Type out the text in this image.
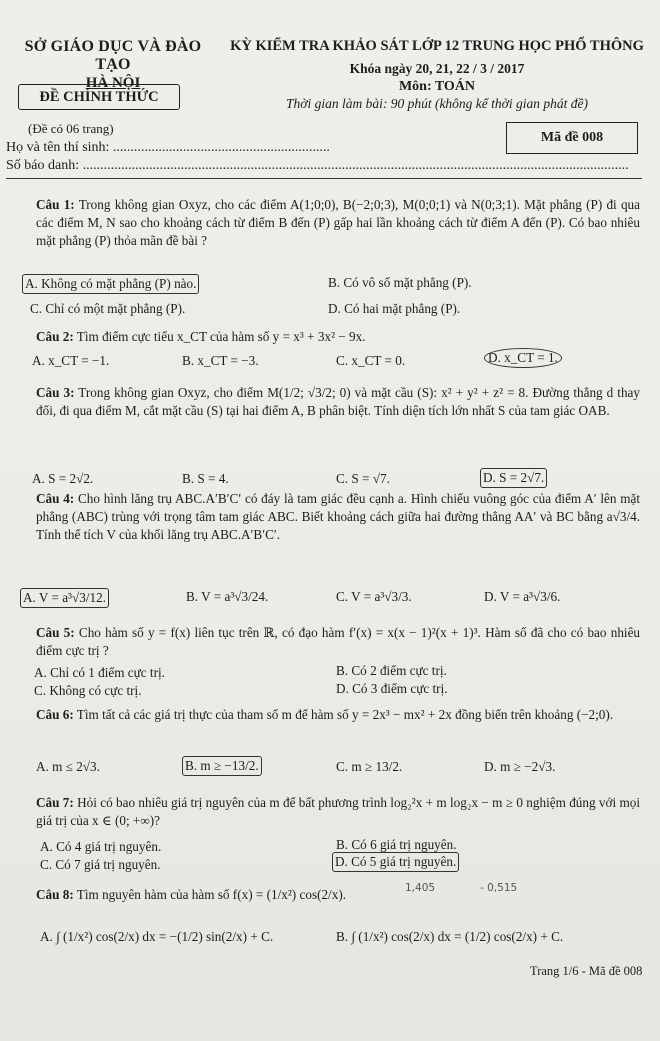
SỞ GIÁO DỤC VÀ ĐÀO TẠO
HÀ NỘI
ĐỀ CHÍNH THỨC
(Đề có 06 trang)
KỲ KIỂM TRA KHẢO SÁT LỚP 12 TRUNG HỌC PHỔ THÔNG
Khóa ngày 20, 21, 22 / 3 / 2017
Môn: TOÁN
Thời gian làm bài: 90 phút (không kể thời gian phát đề)
Mã đề 008
Họ và tên thí sinh: ..............................................................
Số báo danh: ............................................................................................................................................................
Câu 1: Trong không gian Oxyz, cho các điểm A(1;0;0), B(−2;0;3), M(0;0;1) và N(0;3;1). Mặt phẳng (P) đi qua các điểm M, N sao cho khoảng cách từ điểm B đến (P) gấp hai lần khoảng cách từ điểm A đến (P). Có bao nhiêu mặt phẳng (P) thỏa mãn đề bài ?
A. Không có mặt phẳng (P) nào.	B. Có vô số mặt phẳng (P).
C. Chỉ có một mặt phẳng (P).	D. Có hai mặt phẳng (P).
Câu 2: Tìm điểm cực tiểu x_CT của hàm số y = x³ + 3x² − 9x.
A. x_CT = −1.	B. x_CT = −3.	C. x_CT = 0.	D. x_CT = 1.
Câu 3: Trong không gian Oxyz, cho điểm M(1/2; √3/2; 0) và mặt cầu (S): x² + y² + z² = 8. Đường thẳng d thay đổi, đi qua điểm M, cắt mặt cầu (S) tại hai điểm A, B phân biệt. Tính diện tích lớn nhất S của tam giác OAB.
A. S = 2√2.	B. S = 4.	C. S = √7.	D. S = 2√7.
Câu 4: Cho hình lăng trụ ABC.A′B′C′ có đáy là tam giác đều cạnh a. Hình chiếu vuông góc của điểm A′ lên mặt phẳng (ABC) trùng với trọng tâm tam giác ABC. Biết khoảng cách giữa hai đường thẳng AA′ và BC bằng a√3/4. Tính thể tích V của khối lăng trụ ABC.A′B′C′.
A. V = a³√3/12.	B. V = a³√3/24.	C. V = a³√3/3.	D. V = a³√3/6.
Câu 5: Cho hàm số y = f(x) liên tục trên ℝ, có đạo hàm f′(x) = x(x − 1)²(x + 1)³. Hàm số đã cho có bao nhiêu điểm cực trị ?
A. Chỉ có 1 điểm cực trị.	B. Có 2 điểm cực trị.
C. Không có cực trị.	D. Có 3 điểm cực trị.
Câu 6: Tìm tất cả các giá trị thực của tham số m để hàm số y = 2x³ − mx² + 2x đồng biến trên khoảng (−2;0).
A. m ≤ 2√3.	B. m ≥ −13/2.	C. m ≥ 13/2.	D. m ≥ −2√3.
Câu 7: Hỏi có bao nhiêu giá trị nguyên của m để bất phương trình log₂²x + m log₂x − m ≥ 0 nghiệm đúng với mọi giá trị của x ∈ (0; +∞)?
A. Có 4 giá trị nguyên.	B. Có 6 giá trị nguyên.
C. Có 7 giá trị nguyên.	D. Có 5 giá trị nguyên.
Câu 8: Tìm nguyên hàm của hàm số f(x) = (1/x²) cos(2/x).
A. ∫ (1/x²) cos(2/x) dx = −(1/2) sin(2/x) + C.	B. ∫ (1/x²) cos(2/x) dx = (1/2) cos(2/x) + C.
1,405	- 0,515
Trang 1/6 - Mã đề 008
